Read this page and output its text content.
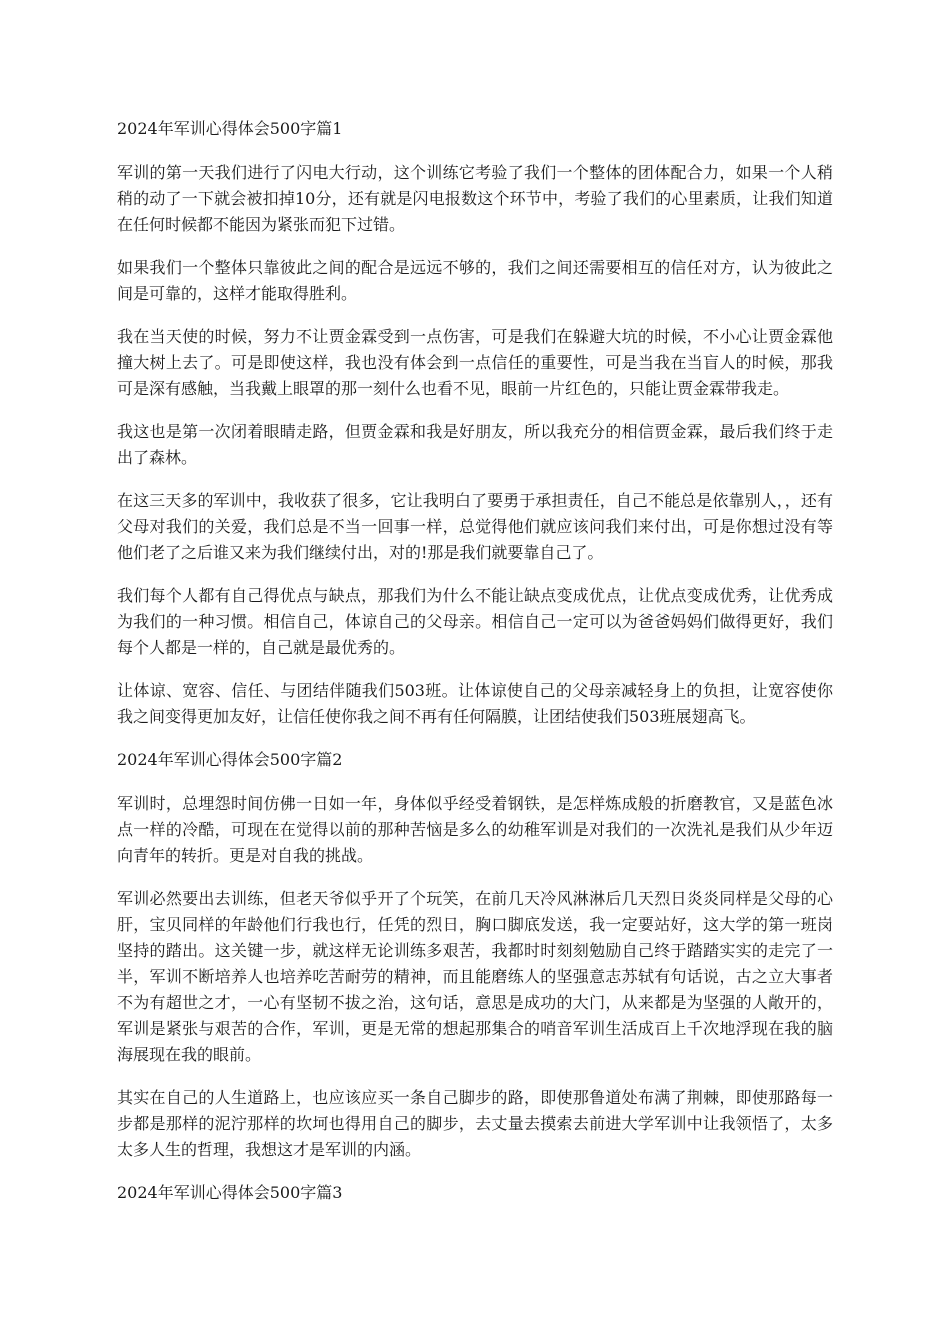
2024年军训心得体会500字篇1

军训的第一天我们进行了闪电大行动，这个训练它考验了我们一个整体的团体配合力，如果一个人稍稍的动了一下就会被扣掉10分，还有就是闪电报数这个环节中，考验了我们的心里素质，让我们知道在任何时候都不能因为紧张而犯下过错。

如果我们一个整体只靠彼此之间的配合是远远不够的，我们之间还需要相互的信任对方，认为彼此之间是可靠的，这样才能取得胜利。

我在当天使的时候，努力不让贾金霖受到一点伤害，可是我们在躲避大坑的时候，不小心让贾金霖他撞大树上去了。可是即使这样，我也没有体会到一点信任的重要性，可是当我在当盲人的时候，那我可是深有感触，当我戴上眼罩的那一刻什么也看不见，眼前一片红色的，只能让贾金霖带我走。

我这也是第一次闭着眼睛走路，但贾金霖和我是好朋友，所以我充分的相信贾金霖，最后我们终于走出了森林。

在这三天多的军训中，我收获了很多，它让我明白了要勇于承担责任，自己不能总是依靠别人，，还有父母对我们的关爱，我们总是不当一回事一样，总觉得他们就应该问我们来付出，可是你想过没有等他们老了之后谁又来为我们继续付出，对的!那是我们就要靠自己了。

我们每个人都有自己得优点与缺点，那我们为什么不能让缺点变成优点，让优点变成优秀，让优秀成为我们的一种习惯。相信自己，体谅自己的父母亲。相信自己一定可以为爸爸妈妈们做得更好，我们每个人都是一样的，自己就是最优秀的。

让体谅、宽容、信任、与团结伴随我们503班。让体谅使自己的父母亲减轻身上的负担，让宽容使你我之间变得更加友好，让信任使你我之间不再有任何隔膜，让团结使我们503班展翅高飞。

2024年军训心得体会500字篇2

军训时，总埋怨时间仿佛一日如一年，身体似乎经受着钢铁，是怎样炼成般的折磨教官，又是蓝色冰点一样的冷酷，可现在在觉得以前的那种苦恼是多么的幼稚军训是对我们的一次洗礼是我们从少年迈向青年的转折。更是对自我的挑战。

军训必然要出去训练，但老天爷似乎开了个玩笑，在前几天冷风淋淋后几天烈日炎炎同样是父母的心肝，宝贝同样的年龄他们行我也行，任凭的烈日，胸口脚底发送，我一定要站好，这大学的第一班岗坚持的踏出。这关键一步，就这样无论训练多艰苦，我都时时刻刻勉励自己终于踏踏实实的走完了一半，军训不断培养人也培养吃苦耐劳的精神，而且能磨练人的坚强意志苏轼有句话说，古之立大事者不为有超世之才，一心有坚韧不拔之治，这句话，意思是成功的大门，从来都是为坚强的人敞开的，军训是紧张与艰苦的合作，军训，更是无常的想起那集合的哨音军训生活成百上千次地浮现在我的脑海展现在我的眼前。

其实在自己的人生道路上，也应该应买一条自己脚步的路，即使那鲁道处布满了荆棘，即使那路每一步都是那样的泥泞那样的坎坷也得用自己的脚步，去丈量去摸索去前进大学军训中让我领悟了，太多太多人生的哲理，我想这才是军训的内涵。

2024年军训心得体会500字篇3
